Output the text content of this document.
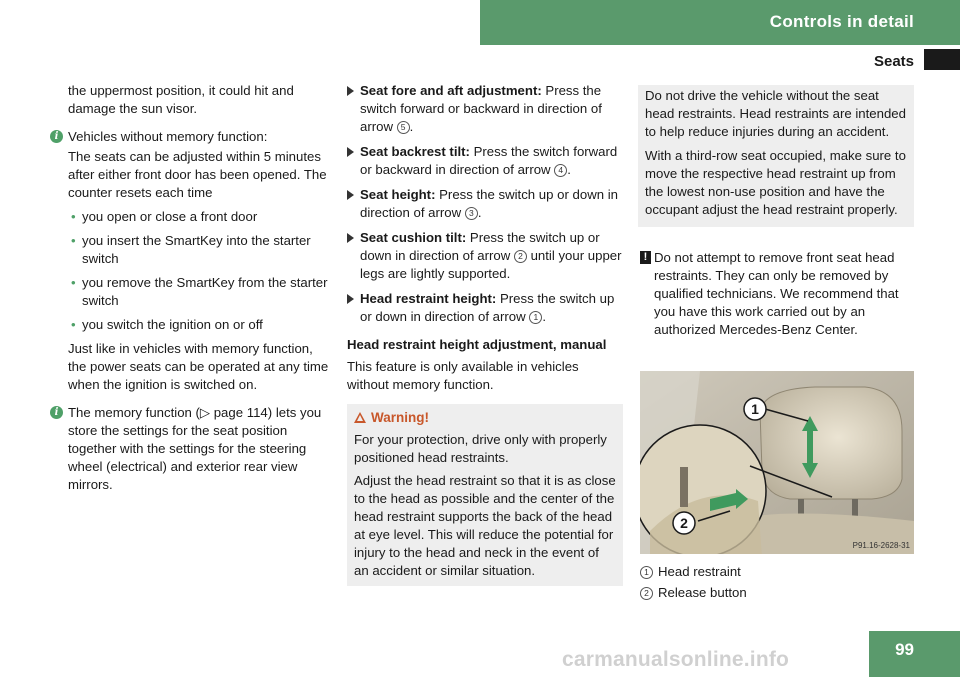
Controls in detail
Seats

the uppermost position, it could hit and damage the sun visor.

i Vehicles without memory function:

The seats can be adjusted within 5 minutes after either front door has been opened. The counter resets each time

• you open or close a front door
• you insert the SmartKey into the starter switch
• you remove the SmartKey from the starter switch
• you switch the ignition on or off

Just like in vehicles with memory function, the power seats can be operated at any time when the ignition is switched on.

i The memory function (▷ page 114) lets you store the settings for the seat position together with the settings for the steering wheel (electrical) and exterior rear view mirrors.

Seat fore and aft adjustment: Press the switch forward or backward in direction of arrow 5 .
Seat backrest tilt: Press the switch forward or backward in direction of arrow 4 .
Seat height: Press the switch up or down in direction of arrow 3 .
Seat cushion tilt: Press the switch up or down in direction of arrow 2 until your upper legs are lightly supported.
Head restraint height: Press the switch up or down in direction of arrow 1 .
Head restraint height adjustment, manual

This feature is only available in vehicles without memory function.

Warning!

For your protection, drive only with properly positioned head restraints.

Adjust the head restraint so that it is as close to the head as possible and the center of the head restraint supports the back of the head at eye level. This will reduce the potential for injury to the head and neck in the event of an accident or similar situation.

Do not drive the vehicle without the seat head restraints. Head restraints are intended to help reduce injuries during an accident.

With a third-row seat occupied, make sure to move the respective head restraint up from the lowest non-use position and have the occupant adjust the head restraint properly.

! Do not attempt to remove front seat head restraints. They can only be removed by qualified technicians. We recommend that you have this work carried out by an authorized Mercedes-Benz Center.
1
2
P91.16-2628-31
1 Head restraint
2 Release button
carmanualsonline.info	99
